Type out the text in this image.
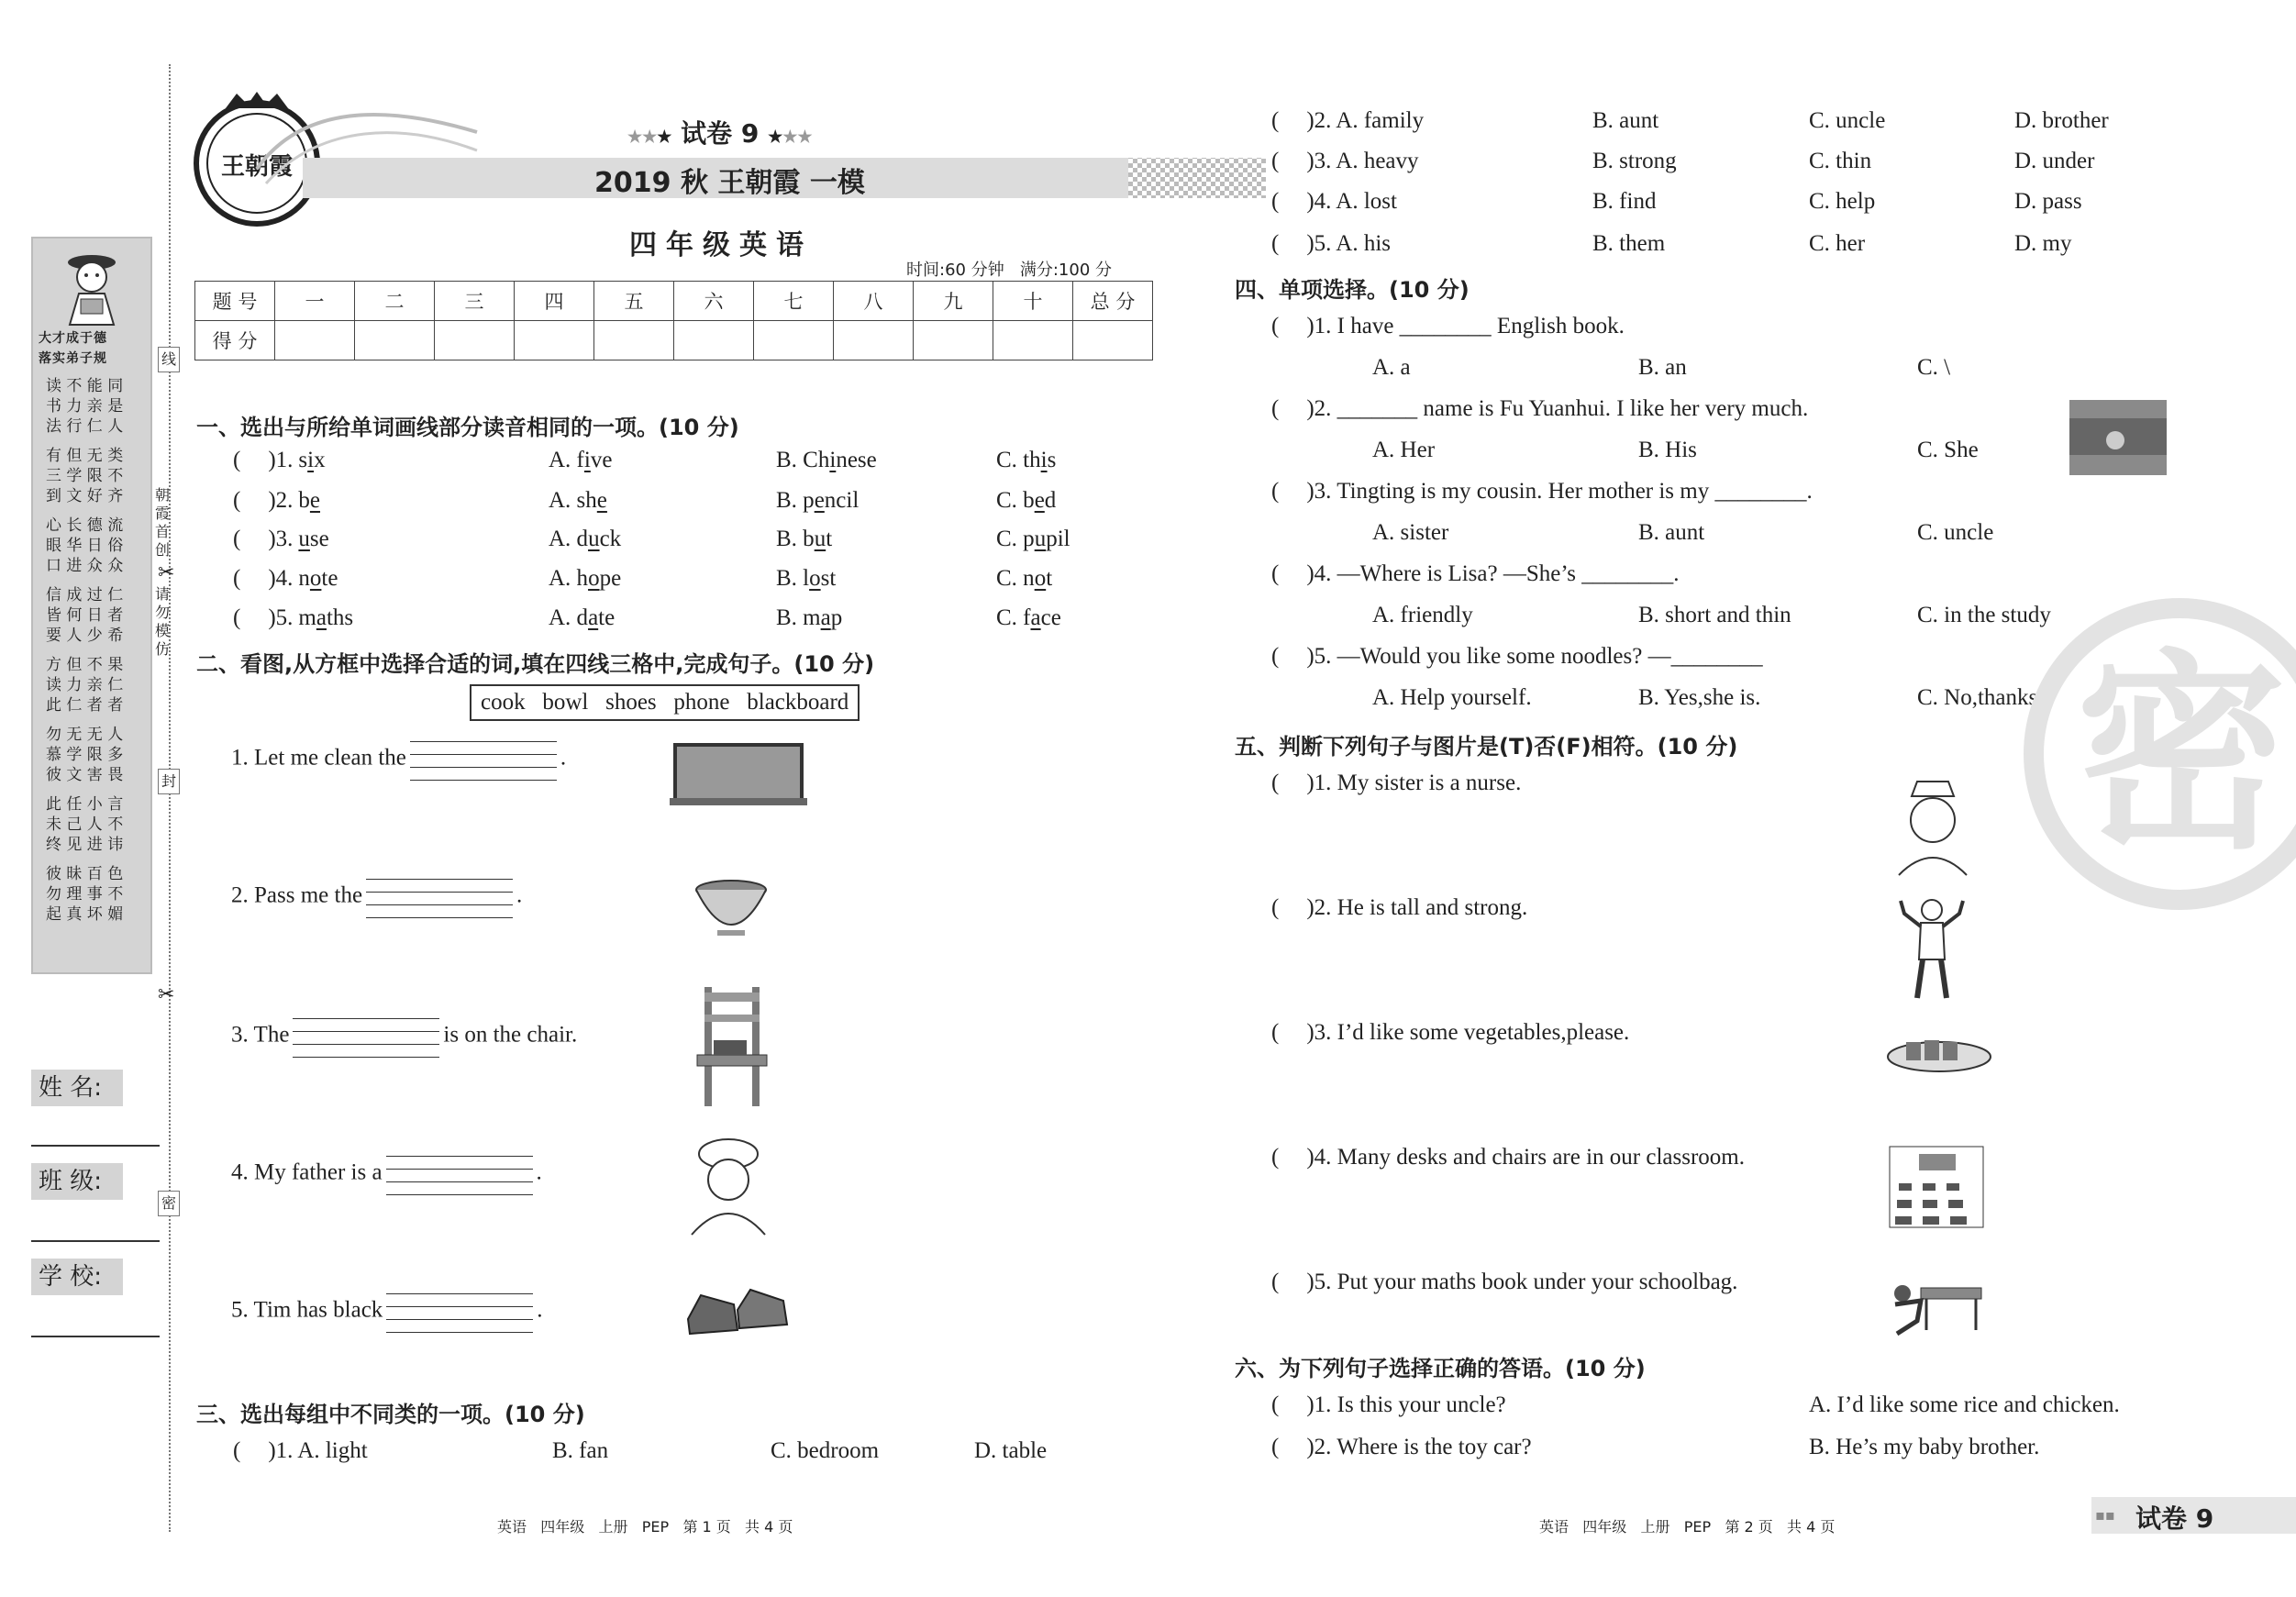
大才成于德
落实弟子规
读 不 能 同
书 力 亲 是
法 行 仁 人
有 但 无 类
三 学 限 不
到 文 好 齐
心 长 德 流
眼 华 日 俗
口 进 众 众
信 成 过 仁
皆 何 日 者
要 人 少 希
方 但 不 果
读 力 亲 仁
此 仁 者 者
勿 无 无 人
慕 学 限 多
彼 文 害 畏
此 任 小 言
未 己 人 不
终 见 进 讳
彼 昧 百 色
勿 理 事 不
起 真 坏 媚
线
朝
霞
首
创
请
勿
模
仿
封
密
✂
✂
姓 名:
班 级:
学 校:
王朝霞
★★★ 试卷 9 ★★★
2019 秋 王朝霞 一模
四年级英语
时间:60 分钟   满分:100 分
题 号	一	二	三	四	五	六	七	八	九	十	总 分
得 分											
一、选出与所给单词画线部分读音相同的一项。(10 分)
( )1. six	A. five	B. Chinese	C. this
( )2. be	A. she	B. pencil	C. bed
( )3. use	A. duck	B. but	C. pupil
( )4. note	A. hope	B. lost	C. not
( )5. maths	A. date	B. map	C. face
二、看图,从方框中选择合适的词,填在四线三格中,完成句子。(10 分)
cook   bowl   shoes   phone   blackboard
1. Let me clean the	.
2. Pass me the	.
3. The	is on the chair.
4. My father is a	.
5. Tim has black	.
三、选出每组中不同类的一项。(10 分)
( )1. A. light	B. fan	C. bedroom	D. table
( )2. A. family	B. aunt	C. uncle	D. brother
( )3. A. heavy	B. strong	C. thin	D. under
( )4. A. lost	B. find	C. help	D. pass
( )5. A. his	B. them	C. her	D. my
四、单项选择。(10 分)
( )1. I have ________ English book.
A. a	B. an	C. \
( )2. _______ name is Fu Yuanhui. I like her very much.
A. Her	B. His	C. She
( )3. Tingting is my cousin. Her mother is my ________.
A. sister	B. aunt	C. uncle
( )4. —Where is Lisa? —She’s ________.
A. friendly	B. short and thin	C. in the study
( )5. —Would you like some noodles? —________
A. Help yourself.	B. Yes,she is.	C. No,thanks.
五、判断下列句子与图片是(T)否(F)相符。(10 分)
( )1. My sister is a nurse.
( )2. He is tall and strong.
( )3. I’d like some vegetables,please.
( )4. Many desks and chairs are in our classroom.
( )5. Put your maths book under your schoolbag.
六、为下列句子选择正确的答语。(10 分)
( )1. Is this your uncle?	A. I’d like some rice and chicken.
( )2. Where is the toy car?	B. He’s my baby brother.
密
英语   四年级   上册   PEP   第 1 页   共 4 页	英语   四年级   上册   PEP   第 2 页   共 4 页
▪▪ 试卷 9
